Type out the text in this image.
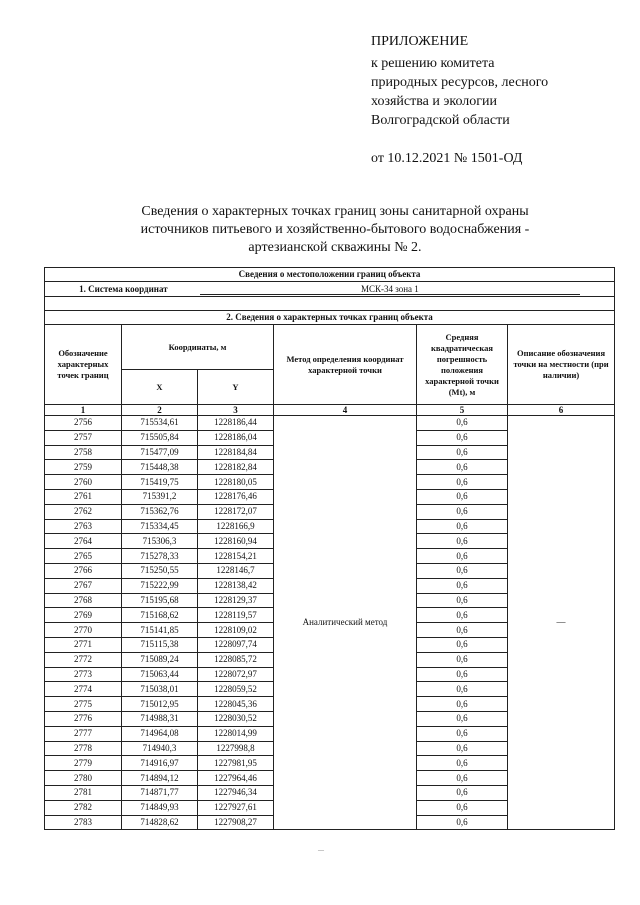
ПРИЛОЖЕНИЕ
к решению комитета
природных ресурсов, лесного
хозяйства и экологии
Волгоградской области
от 10.12.2021 № 1501-ОД
Сведения о характерных точках границ зоны санитарной охраны
источников питьевого и хозяйственно-бытового водоснабжения -
артезианской скважины № 2.
Сведения о местоположении границ объекта					
1. Система координат МСК-34 зона 1					

2. Сведения о характерных точках границ объекта					
Обозначение характерных точек границ	Координаты, м		Метод определения координат характерной точки	Средняя квадратическая погрешность положения характерной точки (Мt), м	Описание обозначения точки на местности (при наличии)
	X	Y			
1	2	3	4	5	6
2756	715534,61	1228186,44	Аналитический метод	0,6	—
2757	715505,84	1228186,04		0,6	
2758	715477,09	1228184,84		0,6	
2759	715448,38	1228182,84		0,6	
2760	715419,75	1228180,05		0,6	
2761	715391,2	1228176,46		0,6	
2762	715362,76	1228172,07		0,6	
2763	715334,45	1228166,9		0,6	
2764	715306,3	1228160,94		0,6	
2765	715278,33	1228154,21		0,6	
2766	715250,55	1228146,7		0,6	
2767	715222,99	1228138,42		0,6	
2768	715195,68	1228129,37		0,6	
2769	715168,62	1228119,57		0,6	
2770	715141,85	1228109,02		0,6	
2771	715115,38	1228097,74		0,6	
2772	715089,24	1228085,72		0,6	
2773	715063,44	1228072,97		0,6	
2774	715038,01	1228059,52		0,6	
2775	715012,95	1228045,36		0,6	
2776	714988,31	1228030,52		0,6	
2777	714964,08	1228014,99		0,6	
2778	714940,3	1227998,8		0,6	
2779	714916,97	1227981,95		0,6	
2780	714894,12	1227964,46		0,6	
2781	714871,77	1227946,34		0,6	
2782	714849,93	1227927,61		0,6	
2783	714828,62	1227908,27		0,6	
—
